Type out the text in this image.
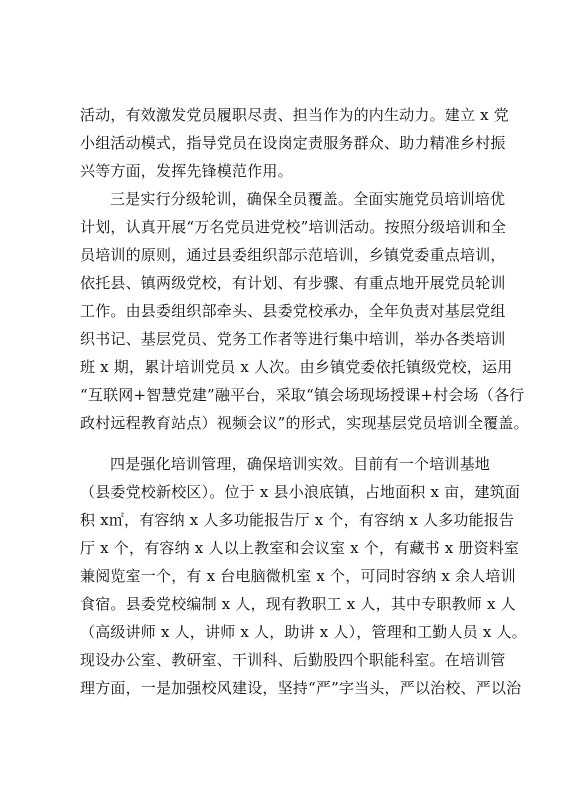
活动，有效激发党员履职尽责、担当作为的内生动力。建立 x 党
小组活动模式，指导党员在设岗定责服务群众、助力精准乡村振
兴等方面，发挥先锋模范作用。
三是实行分级轮训，确保全员覆盖。全面实施党员培训培优
计划，认真开展“万名党员进党校”培训活动。按照分级培训和全
员培训的原则，通过县委组织部示范培训，乡镇党委重点培训，
依托县、镇两级党校，有计划、有步骤、有重点地开展党员轮训
工作。由县委组织部牵头、县委党校承办，全年负责对基层党组
织书记、基层党员、党务工作者等进行集中培训，举办各类培训
班 x 期，累计培训党员 x 人次。由乡镇党委依托镇级党校，运用
“互联网+智慧党建”融平台，采取“镇会场现场授课+村会场（各行
政村远程教育站点）视频会议”的形式，实现基层党员培训全覆盖。
四是强化培训管理，确保培训实效。目前有一个培训基地
（县委党校新校区）。位于 x 县小浪底镇，占地面积 x 亩，建筑面
积 x㎡，有容纳 x 人多功能报告厅 x 个，有容纳 x 人多功能报告
厅 x 个，有容纳 x 人以上教室和会议室 x 个，有藏书 x 册资料室
兼阅览室一个，有 x 台电脑微机室 x 个，可同时容纳 x 余人培训
食宿。县委党校编制 x 人，现有教职工 x 人，其中专职教师 x 人
（高级讲师 x 人，讲师 x 人，助讲 x 人），管理和工勤人员 x 人。
现设办公室、教研室、干训科、后勤股四个职能科室。在培训管
理方面，一是加强校风建设，坚持“严”字当头，严以治校、严以治
